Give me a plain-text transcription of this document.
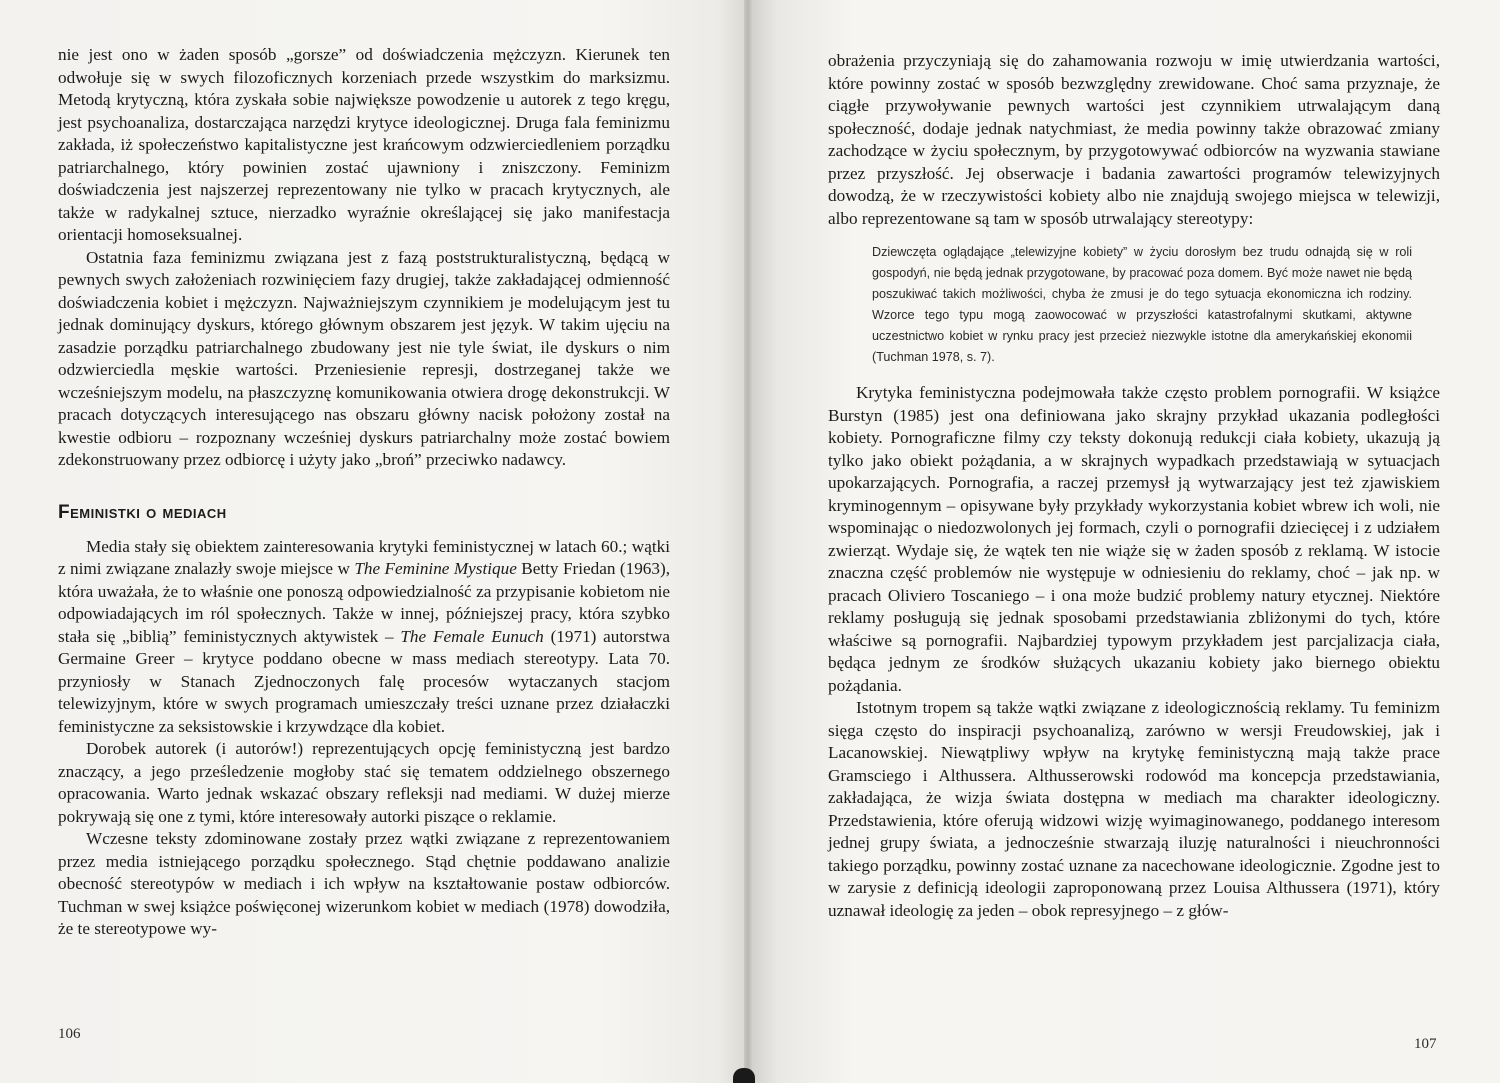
nie jest ono w żaden sposób „gorsze” od doświadczenia mężczyzn. Kierunek ten odwołuje się w swych filozoficznych korzeniach przede wszystkim do marksizmu. Metodą krytyczną, która zyskała sobie największe powodzenie u autorek z tego kręgu, jest psychoanaliza, dostarczająca narzędzi krytyce ideologicznej. Druga fala feminizmu zakłada, iż społeczeństwo kapitalistyczne jest krańcowym odzwierciedleniem porządku patriarchalnego, który powinien zostać ujawniony i zniszczony. Feminizm doświadczenia jest najszerzej reprezentowany nie tylko w pracach krytycznych, ale także w radykalnej sztuce, nierzadko wyraźnie określającej się jako manifestacja orientacji homoseksualnej.

Ostatnia faza feminizmu związana jest z fazą poststrukturalistyczną, będącą w pewnych swych założeniach rozwinięciem fazy drugiej, także zakładającej odmienność doświadczenia kobiet i mężczyzn. Najważniejszym czynnikiem je modelującym jest tu jednak dominujący dyskurs, którego głównym obszarem jest język. W takim ujęciu na zasadzie porządku patriarchalnego zbudowany jest nie tyle świat, ile dyskurs o nim odzwierciedla męskie wartości. Przeniesienie represji, dostrzeganej także we wcześniejszym modelu, na płaszczyznę komunikowania otwiera drogę dekonstrukcji. W pracach dotyczących interesującego nas obszaru główny nacisk położony został na kwestie odbioru – rozpoznany wcześniej dyskurs patriarchalny może zostać bowiem zdekonstruowany przez odbiorcę i użyty jako „broń” przeciwko nadawcy.

Feministki o mediach

Media stały się obiektem zainteresowania krytyki feministycznej w latach 60.; wątki z nimi związane znalazły swoje miejsce w The Feminine Mystique Betty Friedan (1963), która uważała, że to właśnie one ponoszą odpowiedzialność za przypisanie kobietom nie odpowiadających im ról społecznych. Także w innej, późniejszej pracy, która szybko stała się „biblią” feministycznych aktywistek – The Female Eunuch (1971) autorstwa Germaine Greer – krytyce poddano obecne w mass mediach stereotypy. Lata 70. przyniosły w Stanach Zjednoczonych falę procesów wytaczanych stacjom telewizyjnym, które w swych programach umieszczały treści uznane przez działaczki feministyczne za seksistowskie i krzywdzące dla kobiet.

Dorobek autorek (i autorów!) reprezentujących opcję feministyczną jest bardzo znaczący, a jego prześledzenie mogłoby stać się tematem oddzielnego obszernego opracowania. Warto jednak wskazać obszary refleksji nad mediami. W dużej mierze pokrywają się one z tymi, które interesowały autorki piszące o reklamie.

Wczesne teksty zdominowane zostały przez wątki związane z reprezentowaniem przez media istniejącego porządku społecznego. Stąd chętnie poddawano analizie obecność stereotypów w mediach i ich wpływ na kształtowanie postaw odbiorców. Tuchman w swej książce poświęconej wizerunkom kobiet w mediach (1978) dowodziła, że te stereotypowe wy-

106

obrażenia przyczyniają się do zahamowania rozwoju w imię utwierdzania wartości, które powinny zostać w sposób bezwzględny zrewidowane. Choć sama przyznaje, że ciągłe przywoływanie pewnych wartości jest czynnikiem utrwalającym daną społeczność, dodaje jednak natychmiast, że media powinny także obrazować zmiany zachodzące w życiu społecznym, by przygotowywać odbiorców na wyzwania stawiane przez przyszłość. Jej obserwacje i badania zawartości programów telewizyjnych dowodzą, że w rzeczywistości kobiety albo nie znajdują swojego miejsca w telewizji, albo reprezentowane są tam w sposób utrwalający stereotypy:

Dziewczęta oglądające „telewizyjne kobiety” w życiu dorosłym bez trudu odnajdą się w roli gospodyń, nie będą jednak przygotowane, by pracować poza domem. Być może nawet nie będą poszukiwać takich możliwości, chyba że zmusi je do tego sytuacja ekonomiczna ich rodziny. Wzorce tego typu mogą zaowocować w przyszłości katastrofalnymi skutkami, aktywne uczestnictwo kobiet w rynku pracy jest przecież niezwykle istotne dla amerykańskiej ekonomii (Tuchman 1978, s. 7).

Krytyka feministyczna podejmowała także często problem pornografii. W książce Burstyn (1985) jest ona definiowana jako skrajny przykład ukazania podległości kobiety. Pornograficzne filmy czy teksty dokonują redukcji ciała kobiety, ukazują ją tylko jako obiekt pożądania, a w skrajnych wypadkach przedstawiają w sytuacjach upokarzających. Pornografia, a raczej przemysł ją wytwarzający jest też zjawiskiem kryminogennym – opisywane były przykłady wykorzystania kobiet wbrew ich woli, nie wspominając o niedozwolonych jej formach, czyli o pornografii dziecięcej i z udziałem zwierząt. Wydaje się, że wątek ten nie wiąże się w żaden sposób z reklamą. W istocie znaczna część problemów nie występuje w odniesieniu do reklamy, choć – jak np. w pracach Oliviero Toscaniego – i ona może budzić problemy natury etycznej. Niektóre reklamy posługują się jednak sposobami przedstawiania zbliżonymi do tych, które właściwe są pornografii. Najbardziej typowym przykładem jest parcjalizacja ciała, będąca jednym ze środków służących ukazaniu kobiety jako biernego obiektu pożądania.

Istotnym tropem są także wątki związane z ideologicznością reklamy. Tu feminizm sięga często do inspiracji psychoanalizą, zarówno w wersji Freudowskiej, jak i Lacanowskiej. Niewątpliwy wpływ na krytykę feministyczną mają także prace Gramsciego i Althussera. Althusserowski rodowód ma koncepcja przedstawiania, zakładająca, że wizja świata dostępna w mediach ma charakter ideologiczny. Przedstawienia, które oferują widzowi wizję wyimaginowanego, poddanego interesom jednej grupy świata, a jednocześnie stwarzają iluzję naturalności i nieuchronności takiego porządku, powinny zostać uznane za nacechowane ideologicznie. Zgodne jest to w zarysie z definicją ideologii zaproponowaną przez Louisa Althussera (1971), który uznawał ideologię za jeden – obok represyjnego – z głów-

107
